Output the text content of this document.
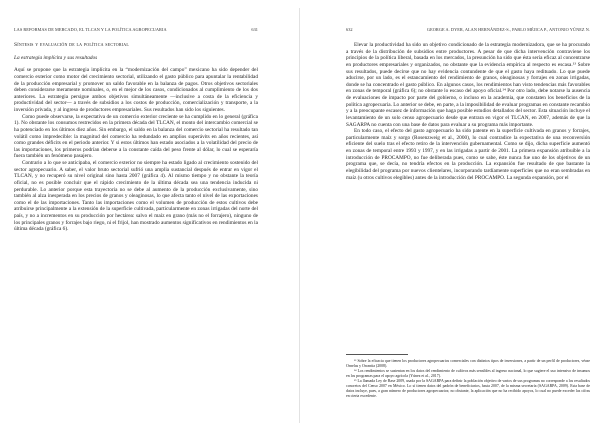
LAS REFORMAS DE MERCADO, EL TLCAN Y LA POLÍTICA AGROPECUARIA	631
Síntesis y evaluación de la política sectorial
La estrategia implícita y sus resultados

Aquí se propone que la estrategia implícita en la “modernización del campo” mexicano ha sido depender del comercio exterior como motor del crecimiento sectorial, utilizando el gasto público para apuntalar la rentabilidad de la producción empresarial y promover un saldo favorable en la balanza de pagos. Otros objetivos sectoriales deben considerarse meramente nominales, o, en el mejor de los casos, condicionados al cumplimiento de los dos anteriores. La estrategia persigue ambos objetivos simultáneamente —inclusive a costa de la eficiencia y productividad del sector— a través de subsidios a los costos de producción, comercialización y transporte, a la inversión privada, y al ingreso de productores empresariales. Sus resultados han sido los siguientes.

Como puede observarse, la expectativa de un comercio exterior creciente se ha cumplido en lo general (gráfica 1). No obstante los consumos restrecidos en la primera década del TLCAN, el monto del intercambio comercial se ha potenciado en los últimos diez años. Sin embargo, el saldo en la balanza del comercio sectorial ha resultado tan volátil como impredecible: la magnitud del comercio ha redundado en amplios superávits en años recientes, así como grandes déficits en el periodo anterior. Y si estos últimos han estado asociados a la volatilidad del precio de las importaciones, los primeros podrían deberse a la constante caída del peso frente al dólar, lo cual se esperaría fuera también un fenómeno pasajero.

Contrario a lo que se anticipaba, el comercio exterior no siempre ha estado ligado al crecimiento sostenido del sector agropecuario. A saber, el valor bruto sectorial sufrió una amplia sustancial después de entrar en vigor el TLCAN, y no recuperó su nivel original sino hasta 2007 (gráfica 4). Al mismo tiempo y no obstante la teoría oficial, no es posible concluir que el rápido crecimiento de la última década sea una tendencia inducida ni perdurable. Lo anterior porque esta trayectoria no se debe al aumento de la producción exclusivamente, sino también al alza inesperada en los precios de granos y oleaginosas, lo que afecta tanto el nivel de las exportaciones como el de las importaciones. Tanto las importaciones como el volumen de producción de estos cultivos debe atribuirse principalmente a la extensión de la superficie cultivada, particularmente en zonas irrigadas del norte del país, y no a incrementos en su producción por hectárea: salvo el maíz en grano (más no el forrajero), ninguno de los principales granos y forrajes bajo riego, ni el frijol, han mostrado aumentos significativos en rendimientos en la última década (gráfica 6).

632	GEORGE A. DYER, ALAN HERNÁNDEZ-S., PABLO MÉJICA P., ANTONIO YÚNEZ N.

Elevar la productividad ha sido un objetivo condicionado de la estrategia modernizadora, que se ha procurado a través de la distribución de subsidios entre productores. A pesar de que dicha intervención contraviene los principios de la política liberal, basada en los mercados, la presunción ha sido que ésta sería eficaz al concentrarse en productores empresariales y organizados, no obstante que la evidencia empírica al respecto es escasa.¹³ Sobre sus resultados, puede decirse que no hay evidencia contundente de que el gasto haya redituado. Lo que puede aducirse, por un lado, es el estancamiento del rendimiento de granos, oleaginosas y forrajes en zonas irrigadas, donde se ha concentrado el gasto público. En algunos casos, los rendimientos han visto tendencias más favorables en zonas de temporal (gráfica 6); no obstante lo escaso del apoyo oficial.¹⁴ Por otro lado, debe notarse la ausencia de evaluaciones de impacto por parte del gobierno, o incluso en la academia, que constaten los beneficios de la política agropecuaria. Lo anterior se debe, en parte, a la imposibilidad de evaluar programas en constante recambio y a la preocupante escasez de información que haga posible estudios detallados del sector. Esta situación incluye el levantamiento de un solo censo agropecuario desde que entrara en vigor el TLCAN, en 2007, además de que la SAGARPA no cuenta con una base de datos para evaluar a su programa más importante.

En todo caso, el efecto del gasto agropecuario ha sido patente en la superficie cultivada en granos y forrajes, particularmente maíz y sorgo (Rosenzweig et al., 2000), lo cual contradice la expectativa de una reconversión eficiente del suelo tras el efecto retiro de la intervención gubernamental. Como se dijo, dicha superficie aumentó en zonas de temporal entre 1993 y 1997, y en las irrigadas a partir de 2001. La primera expansión atribuible a la introducción de PROCAMPO, no fue deliberada pues, como se sabe, éste nunca fue uno de los objetivos de un programa que, se decía, no tendría efectos en la producción. La expansión fue resultado de que bastante la elegibilidad del programa por nuevos clientelares, incorporando tardíamente superficies que no eran sembradas en maíz (u otros cultivos elegibles) antes de la introducción del PROCAMPO. La segunda expansión, por el

¹³ Sobre la eficacia que tienen los productores agropecuarios comerciales con distintos tipos de inversiones, a partir de un perfil de productores, véase Ornelas y Orrantia (2008).

¹⁴ Los rendimientos se sustentan en los datos del rendimiento de cultivos más sensibles al ingreso nacional, lo que sugiere el uso intensivo de insumos en los programas para el apoyo agrícola (Yúnez et al., 2017).

¹⁵ La llamada Ley de Base 2009, usada por la SAGARPA para definir la población objetivo de varios de sus programas no corresponde a los resultados concretos del Censo 2007 en México. Lo sí tienen datos del padrón de beneficiarios, hasta 2007, de la misma secretaría (SAGARPA, 2009). Esta base de datos incluye, pues, a gran número de productores agropecuarios; no obstante, la aplicación que no ha recibido apoyos, lo cual no puede exceder las cifras en cierta excedente.
